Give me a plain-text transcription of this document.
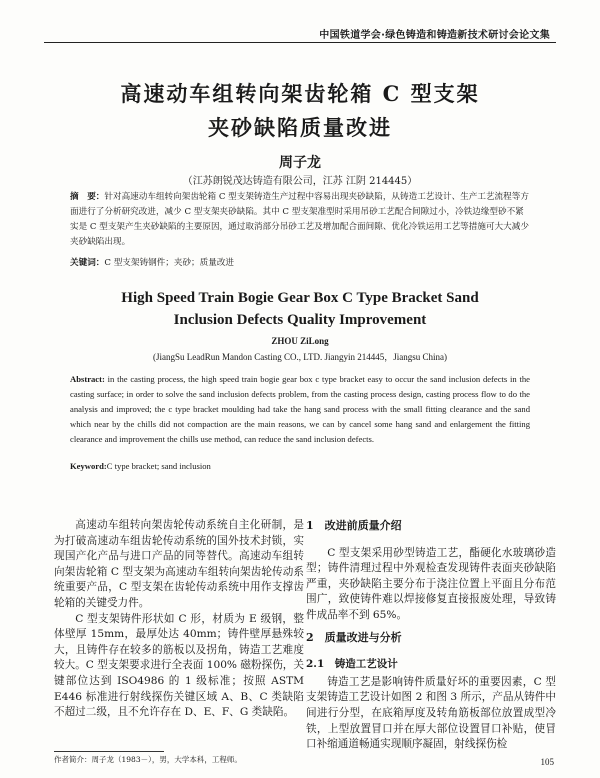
中国铁道学会·绿色铸造和铸造新技术研讨会论文集
高速动车组转向架齿轮箱 C 型支架
夹砂缺陷质量改进
周子龙
（江苏朗锐茂达铸造有限公司，江苏 江阴 214445）
摘　要：针对高速动车组转向架齿轮箱 C 型支架铸造生产过程中容易出现夹砂缺陷，从铸造工艺设计、生产工艺流程等方面进行了分析研究改进，减少 C 型支架夹砂缺陷。其中 C 型支架准型时采用吊砂工艺配合间隙过小，冷铁边缘型砂不紧实是 C 型支架产生夹砂缺陷的主要原因，通过取消部分吊砂工艺及增加配合面间隙、优化冷铁运用工艺等措施可大大减少夹砂缺陷出现。
关键词：C 型支架铸钢件；夹砂；质量改进
High Speed Train Bogie Gear Box C Type Bracket Sand
Inclusion Defects Quality Improvement
ZHOU ZiLong
(JiangSu LeadRun Mandon Casting CO., LTD. Jiangyin 214445，Jiangsu China)
Abstract: in the casting process, the high speed train bogie gear box c type bracket easy to occur the sand inclusion defects in the casting surface; in order to solve the sand inclusion defects problem, from the casting process design, casting process flow to do the analysis and improved; the c type bracket moulding had take the hang sand process with the small fitting clearance and the sand which near by the chills did not compaction are the main reasons, we can by cancel some hang sand and enlargement the fitting clearance and improvement the chills use method, can reduce the sand inclusion defects.
Keyword:C type bracket; sand inclusion

高速动车组转向架齿轮传动系统自主化研制，是为打破高速动车组齿轮传动系统的国外技术封锁，实现国产化产品与进口产品的同等替代。高速动车组转向架齿轮箱 C 型支架为高速动车组转向架齿轮传动系统重要产品，C 型支架在齿轮传动系统中用作支撑齿轮箱的关键受力件。

C 型支架铸件形状如 C 形，材质为 E 级钢，整体壁厚 15mm，最厚处达 40mm；铸件壁厚悬殊较大，且铸件存在较多的筋板以及拐角，铸造工艺难度较大。C 型支架要求进行全表面 100% 磁粉探伤，关键部位达到 ISO4986 的 1 级标准；按照 ASTM E446 标准进行射线探伤关键区域 A、B、C 类缺陷不超过二级，且不允许存在 D、E、F、G 类缺陷。

1　改进前质量介绍

C 型支架采用砂型铸造工艺，酯硬化水玻璃砂造型；铸件清理过程中外观检查发现铸件表面夹砂缺陷严重，夹砂缺陷主要分布于浇注位置上平面且分布范围广，致使铸件难以焊接修复直接报废处理，导致铸件成品率不到 65%。

2　质量改进与分析
2.1　铸造工艺设计

铸造工艺是影响铸件质量好坏的重要因素，C 型支架铸造工艺设计如图 2 和图 3 所示，产品从铸件中间进行分型，在底箱厚度及转角筋板部位放置成型冷铁，上型放置冒口并在厚大部位设置冒口补贴，使冒口补缩通道畅通实现顺序凝固，射线探伤检

作者简介：周子龙（1983－），男，大学本科，工程师。	105
